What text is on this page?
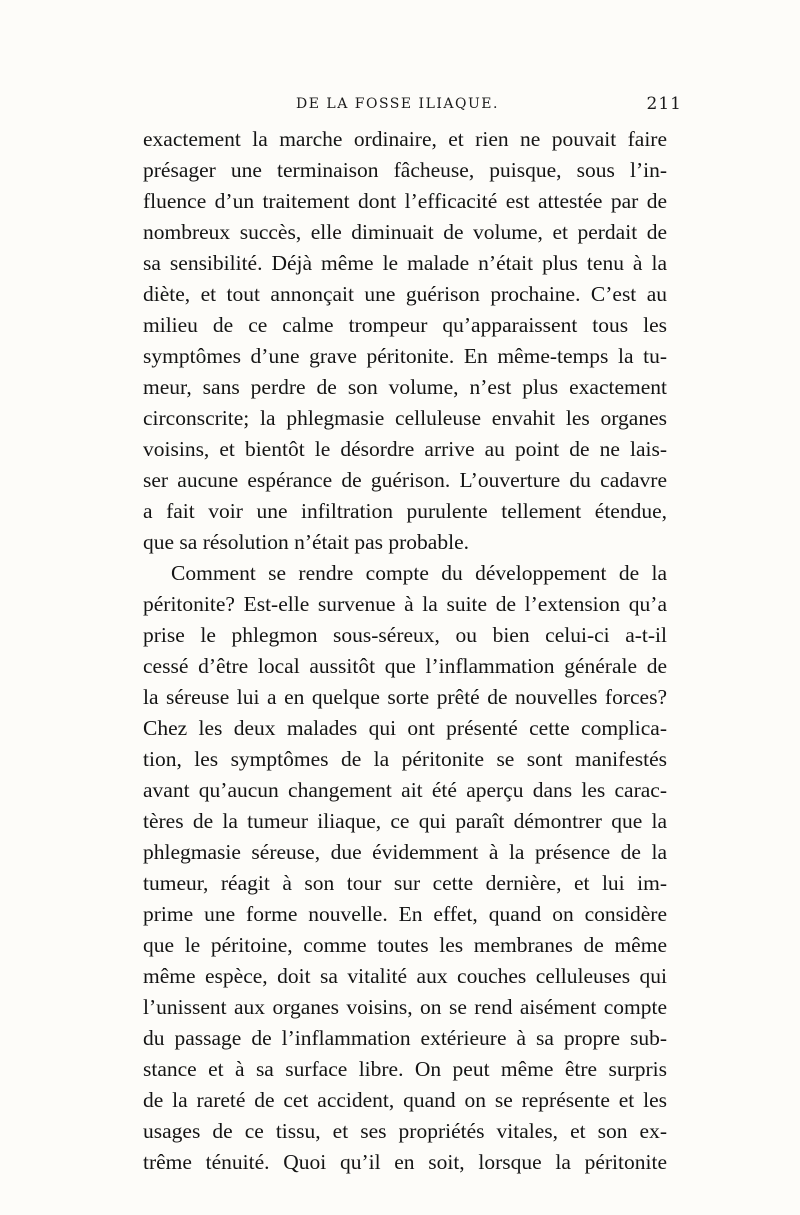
DE LA FOSSE ILIAQUE.	211
exactement la marche ordinaire, et rien ne pouvait faire
présager une terminaison fâcheuse, puisque, sous l’in-
fluence d’un traitement dont l’efficacité est attestée par de
nombreux succès, elle diminuait de volume, et perdait de
sa sensibilité. Déjà même le malade n’était plus tenu à la
diète, et tout annonçait une guérison prochaine. C’est au
milieu de ce calme trompeur qu’apparaissent tous les
symptômes d’une grave péritonite. En même-temps la tu-
meur, sans perdre de son volume, n’est plus exactement
circonscrite; la phlegmasie celluleuse envahit les organes
voisins, et bientôt le désordre arrive au point de ne lais-
ser aucune espérance de guérison. L’ouverture du cadavre
a fait voir une infiltration purulente tellement étendue,
que sa résolution n’était pas probable.
Comment se rendre compte du développement de la
péritonite? Est-elle survenue à la suite de l’extension qu’a
prise le phlegmon sous-séreux, ou bien celui-ci a-t-il
cessé d’être local aussitôt que l’inflammation générale de
la séreuse lui a en quelque sorte prêté de nouvelles forces?
Chez les deux malades qui ont présenté cette complica-
tion, les symptômes de la péritonite se sont manifestés
avant qu’aucun changement ait été aperçu dans les carac-
tères de la tumeur iliaque, ce qui paraît démontrer que la
phlegmasie séreuse, due évidemment à la présence de la
tumeur, réagit à son tour sur cette dernière, et lui im-
prime une forme nouvelle. En effet, quand on considère
que le péritoine, comme toutes les membranes de même
même espèce, doit sa vitalité aux couches celluleuses qui
l’unissent aux organes voisins, on se rend aisément compte
du passage de l’inflammation extérieure à sa propre sub-
stance et à sa surface libre. On peut même être surpris
de la rareté de cet accident, quand on se représente et les
usages de ce tissu, et ses propriétés vitales, et son ex-
trême ténuité. Quoi qu’il en soit, lorsque la péritonite
